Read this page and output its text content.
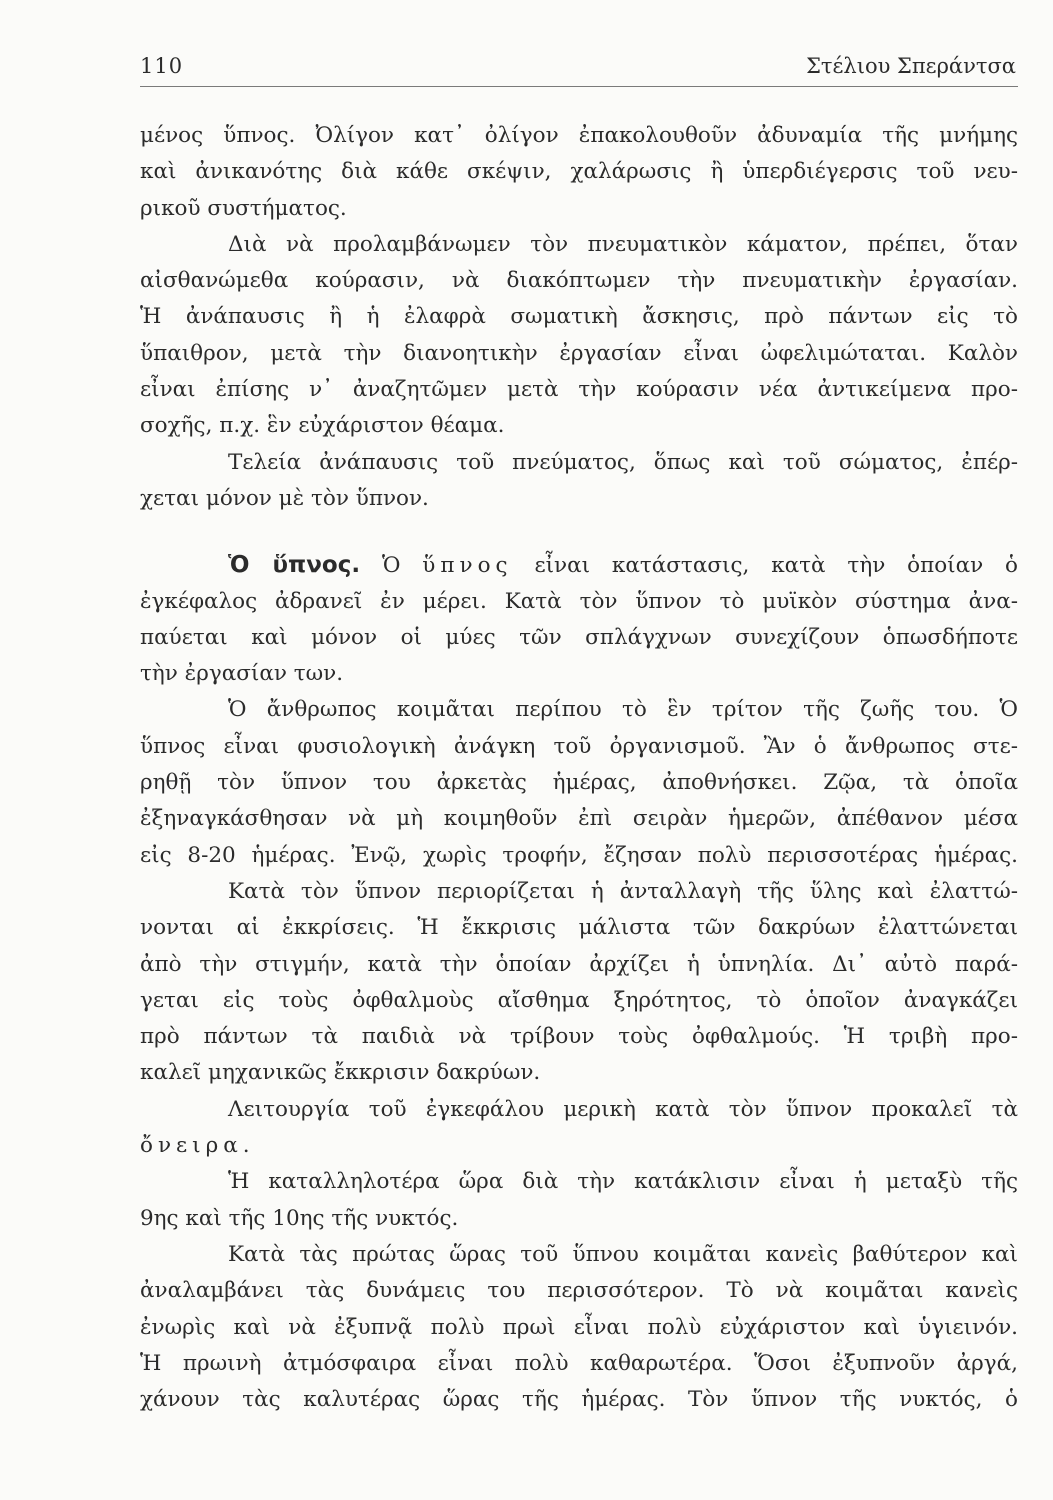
110	Στέλιου Σπεράντσα
μένος ὕπνος. Ὀλίγον κατ᾽ ὀλίγον ἐπακολουθοῦν ἀδυναμία τῆς μνήμης
καὶ ἀνικανότης διὰ κάθε σκέψιν, χαλάρωσις ἢ ὑπερδιέγερσις τοῦ νευ-
ρικοῦ συστήματος.
Διὰ νὰ προλαμβάνωμεν τὸν πνευματικὸν κάματον, πρέπει, ὅταν
αἰσθανώμεθα κούρασιν, νὰ διακόπτωμεν τὴν πνευματικὴν ἐργασίαν.
Ἡ ἀνάπαυσις ἢ ἡ ἐλαφρὰ σωματικὴ ἄσκησις, πρὸ πάντων εἰς τὸ
ὕπαιθρον, μετὰ τὴν διανοητικὴν ἐργασίαν εἶναι ὠφελιμώταται. Καλὸν
εἶναι ἐπίσης ν᾽ ἀναζητῶμεν μετὰ τὴν κούρασιν νέα ἀντικείμενα προ-
σοχῆς, π.χ. ἓν εὐχάριστον θέαμα.
Τελεία ἀνάπαυσις τοῦ πνεύματος, ὅπως καὶ τοῦ σώματος, ἐπέρ-
χεται μόνον μὲ τὸν ὕπνον.
Ὁ ὕπνος. Ὁ ὕπνος εἶναι κατάστασις, κατὰ τὴν ὁποίαν ὁ
ἐγκέφαλος ἀδρανεῖ ἐν μέρει. Κατὰ τὸν ὕπνον τὸ μυϊκὸν σύστημα ἀνα-
παύεται καὶ μόνον οἱ μύες τῶν σπλάγχνων συνεχίζουν ὁπωσδήποτε
τὴν ἐργασίαν των.
Ὁ ἄνθρωπος κοιμᾶται περίπου τὸ ἓν τρίτον τῆς ζωῆς του. Ὁ
ὕπνος εἶναι φυσιολογικὴ ἀνάγκη τοῦ ὀργανισμοῦ. Ἂν ὁ ἄνθρωπος στε-
ρηθῇ τὸν ὕπνον του ἀρκετὰς ἡμέρας, ἀποθνήσκει. Ζῷα, τὰ ὁποῖα
ἐξηναγκάσθησαν νὰ μὴ κοιμηθοῦν ἐπὶ σειρὰν ἡμερῶν, ἀπέθανον μέσα
εἰς 8-20 ἡμέρας. Ἐνῷ, χωρὶς τροφήν, ἔζησαν πολὺ περισσοτέρας ἡμέρας.
Κατὰ τὸν ὕπνον περιορίζεται ἡ ἀνταλλαγὴ τῆς ὕλης καὶ ἐλαττώ-
νονται αἱ ἐκκρίσεις. Ἡ ἔκκρισις μάλιστα τῶν δακρύων ἐλαττώνεται
ἀπὸ τὴν στιγμήν, κατὰ τὴν ὁποίαν ἀρχίζει ἡ ὑπνηλία. Δι᾽ αὐτὸ παρά-
γεται εἰς τοὺς ὀφθαλμοὺς αἴσθημα ξηρότητος, τὸ ὁποῖον ἀναγκάζει
πρὸ πάντων τὰ παιδιὰ νὰ τρίβουν τοὺς ὀφθαλμούς. Ἡ τριβὴ προ-
καλεῖ μηχανικῶς ἔκκρισιν δακρύων.
Λειτουργία τοῦ ἐγκεφάλου μερικὴ κατὰ τὸν ὕπνον προκαλεῖ τὰ
ὄνειρα.
Ἡ καταλληλοτέρα ὥρα διὰ τὴν κατάκλισιν εἶναι ἡ μεταξὺ τῆς
9ης καὶ τῆς 10ης τῆς νυκτός.
Κατὰ τὰς πρώτας ὥρας τοῦ ὕπνου κοιμᾶται κανεὶς βαθύτερον καὶ
ἀναλαμβάνει τὰς δυνάμεις του περισσότερον. Τὸ νὰ κοιμᾶται κανεὶς
ἐνωρὶς καὶ νὰ ἐξυπνᾷ πολὺ πρωὶ εἶναι πολὺ εὐχάριστον καὶ ὑγιεινόν.
Ἡ πρωινὴ ἀτμόσφαιρα εἶναι πολὺ καθαρωτέρα. Ὅσοι ἐξυπνοῦν ἀργά,
χάνουν τὰς καλυτέρας ὥρας τῆς ἡμέρας. Τὸν ὕπνον τῆς νυκτός, ὁ
